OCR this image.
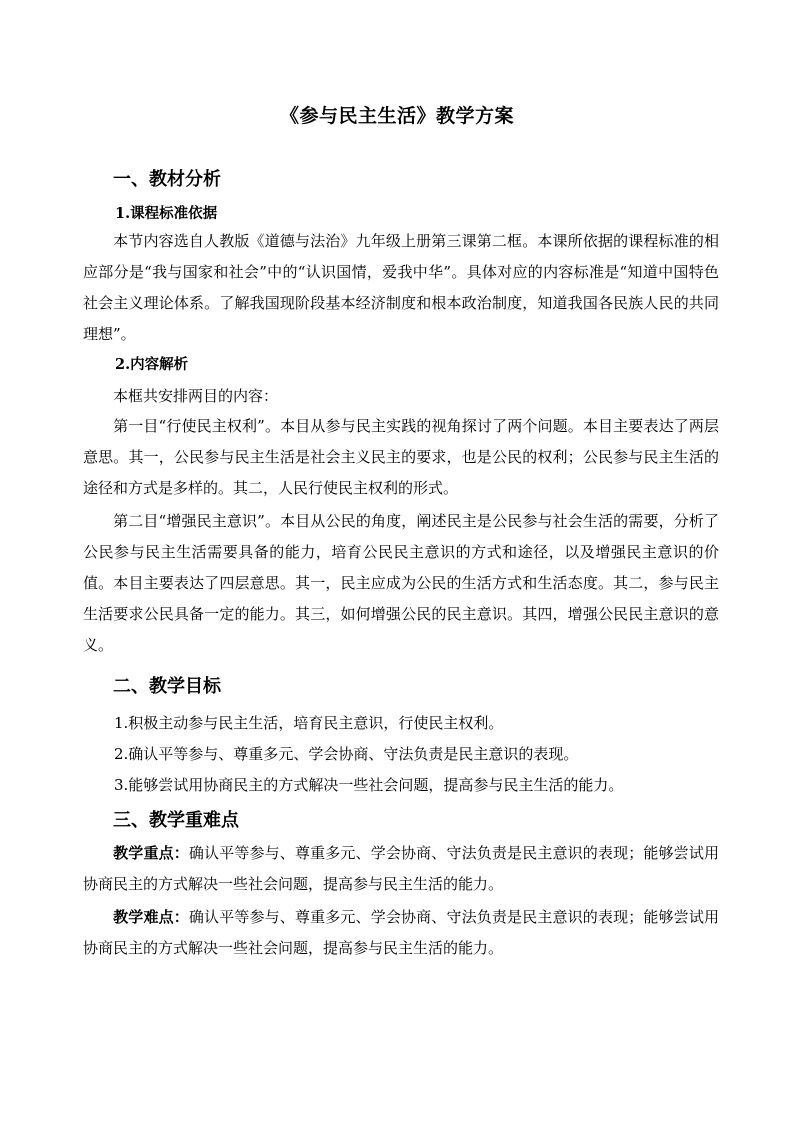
《参与民主生活》教学方案
一、教材分析
1.课程标准依据
本节内容选自人教版《道德与法治》九年级上册第三课第二框。本课所依据的课程标准的相应部分是“我与国家和社会”中的“认识国情，爱我中华”。具体对应的内容标准是“知道中国特色社会主义理论体系。了解我国现阶段基本经济制度和根本政治制度，知道我国各民族人民的共同理想”。
2.内容解析
本框共安排两目的内容：
第一目“行使民主权利”。本目从参与民主实践的视角探讨了两个问题。本目主要表达了两层意思。其一，公民参与民主生活是社会主义民主的要求，也是公民的权利；公民参与民主生活的途径和方式是多样的。其二，人民行使民主权利的形式。
第二目“增强民主意识”。本目从公民的角度，阐述民主是公民参与社会生活的需要，分析了公民参与民主生活需要具备的能力，培育公民民主意识的方式和途径，以及增强民主意识的价值。本目主要表达了四层意思。其一，民主应成为公民的生活方式和生活态度。其二，参与民主生活要求公民具备一定的能力。其三，如何增强公民的民主意识。其四，增强公民民主意识的意义。
二、教学目标
1.积极主动参与民主生活，培育民主意识，行使民主权利。
2.确认平等参与、尊重多元、学会协商、守法负责是民主意识的表现。
3.能够尝试用协商民主的方式解决一些社会问题，提高参与民主生活的能力。
三、教学重难点
教学重点：确认平等参与、尊重多元、学会协商、守法负责是民主意识的表现；能够尝试用协商民主的方式解决一些社会问题，提高参与民主生活的能力。
教学难点：确认平等参与、尊重多元、学会协商、守法负责是民主意识的表现；能够尝试用协商民主的方式解决一些社会问题，提高参与民主生活的能力。
